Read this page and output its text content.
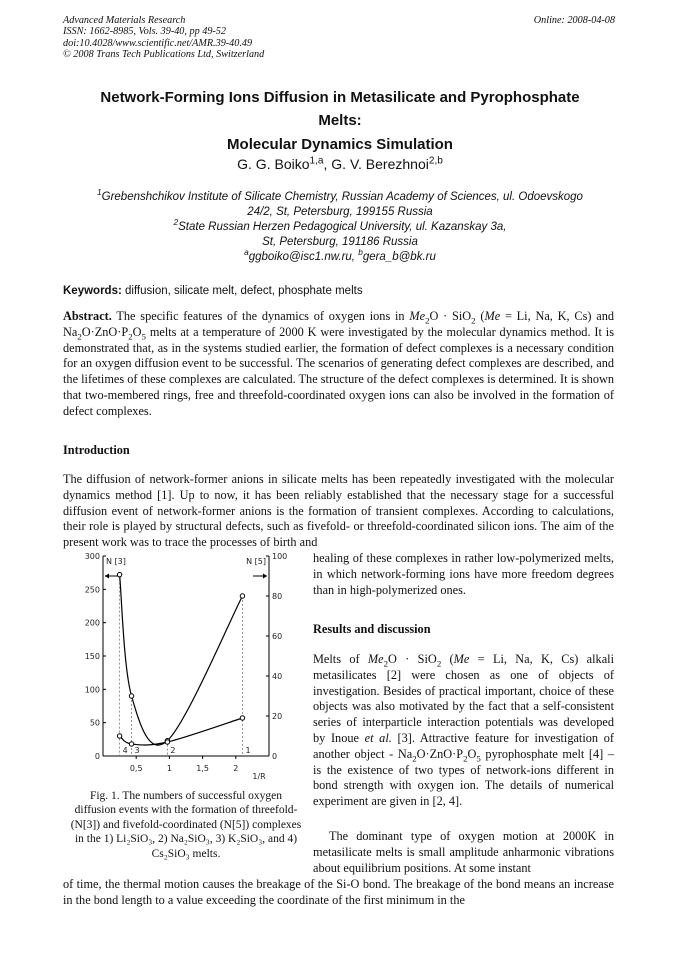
Advanced Materials Research
ISSN: 1662-8985, Vols. 39-40, pp 49-52
doi:10.4028/www.scientific.net/AMR.39-40.49
© 2008 Trans Tech Publications Ltd, Switzerland
Online: 2008-04-08
Network-Forming Ions Diffusion in Metasilicate and Pyrophosphate
Melts:
Molecular Dynamics Simulation
G. G. Boiko$^{1,a}$, G. V. Berezhnoi$^{2,b}$
$^1$Grebenshchikov Institute of Silicate Chemistry, Russian Academy of Sciences, ul. Odoevskogo
24/2, St, Petersburg, 199155 Russia
$^2$State Russian Herzen Pedagogical University, ul. Kazanskay 3a,
St, Petersburg, 191186 Russia
$^a$ggboiko@isc1.nw.ru, $^b$gera_b@bk.ru
Keywords: diffusion, silicate melt, defect, phosphate melts
Abstract. The specific features of the dynamics of oxygen ions in $Me_2O \cdot SiO_2$ (Me = Li, Na, K, Cs) and $Na_2O\cdot ZnO\cdot P_2O_5$ melts at a temperature of 2000 K were investigated by the molecular dynamics method. It is demonstrated that, as in the systems studied earlier, the formation of defect complexes is a necessary condition for an oxygen diffusion event to be successful. The scenarios of generating defect complexes are described, and the lifetimes of these complexes are calculated. The structure of the defect complexes is determined. It is shown that two-membered rings, free and threefold-coordinated oxygen ions can also be involved in the formation of defect complexes.
Introduction
The diffusion of network-former anions in silicate melts has been repeatedly investigated with the molecular dynamics method [1]. Up to now, it has been reliably established that the necessary stage for a successful diffusion event of network-former anions is the formation of transient complexes. According to calculations, their role is played by structural defects, such as fivefold- or threefold-coordinated silicon ions. The aim of the present work was to trace the processes of birth and
healing of these complexes in rather low-polymerized melts, in which network-forming ions have more freedom degrees than in high-polymerized ones.
Results and discussion
Melts of $Me_2O \cdot SiO_2$ (Me = Li, Na, K, Cs) alkali metasilicates [2] were chosen as one of objects of investigation. Besides of practical important, choice of these objects was also motivated by the fact that a self-consistent series of interparticle interaction potentials was developed by Inoue et al. [3]. Attractive feature for investigation of another object - $Na_2O\cdot ZnO\cdot P_2O_5$ pyrophosphate melt [4] – is the existence of two types of network-ions different in bond strength with oxygen ion. The details of numerical experiment are given in [2, 4].
The dominant type of oxygen motion at 2000K in metasilicate melts is small amplitude anharmonic vibrations about equilibrium positions. At some instant
of time, the thermal motion causes the breakage of the Si-O bond. The breakage of the bond means an increase in the bond length to a value exceeding the coordinate of the first minimum in the
0
50
100
150
200
250
300
0
20
40
60
80
100
0,5	1	1,5	2
N [3]	N [5]
1/R
4 3	2	1
Fig. 1. The numbers of successful oxygen diffusion events with the formation of threefold- (N[3]) and fivefold-coordinated (N[5]) complexes in the 1) Li₂SiO₃, 2) Na₂SiO₃, 3) K₂SiO₃, and 4) Cs₂SiO₃ melts.
